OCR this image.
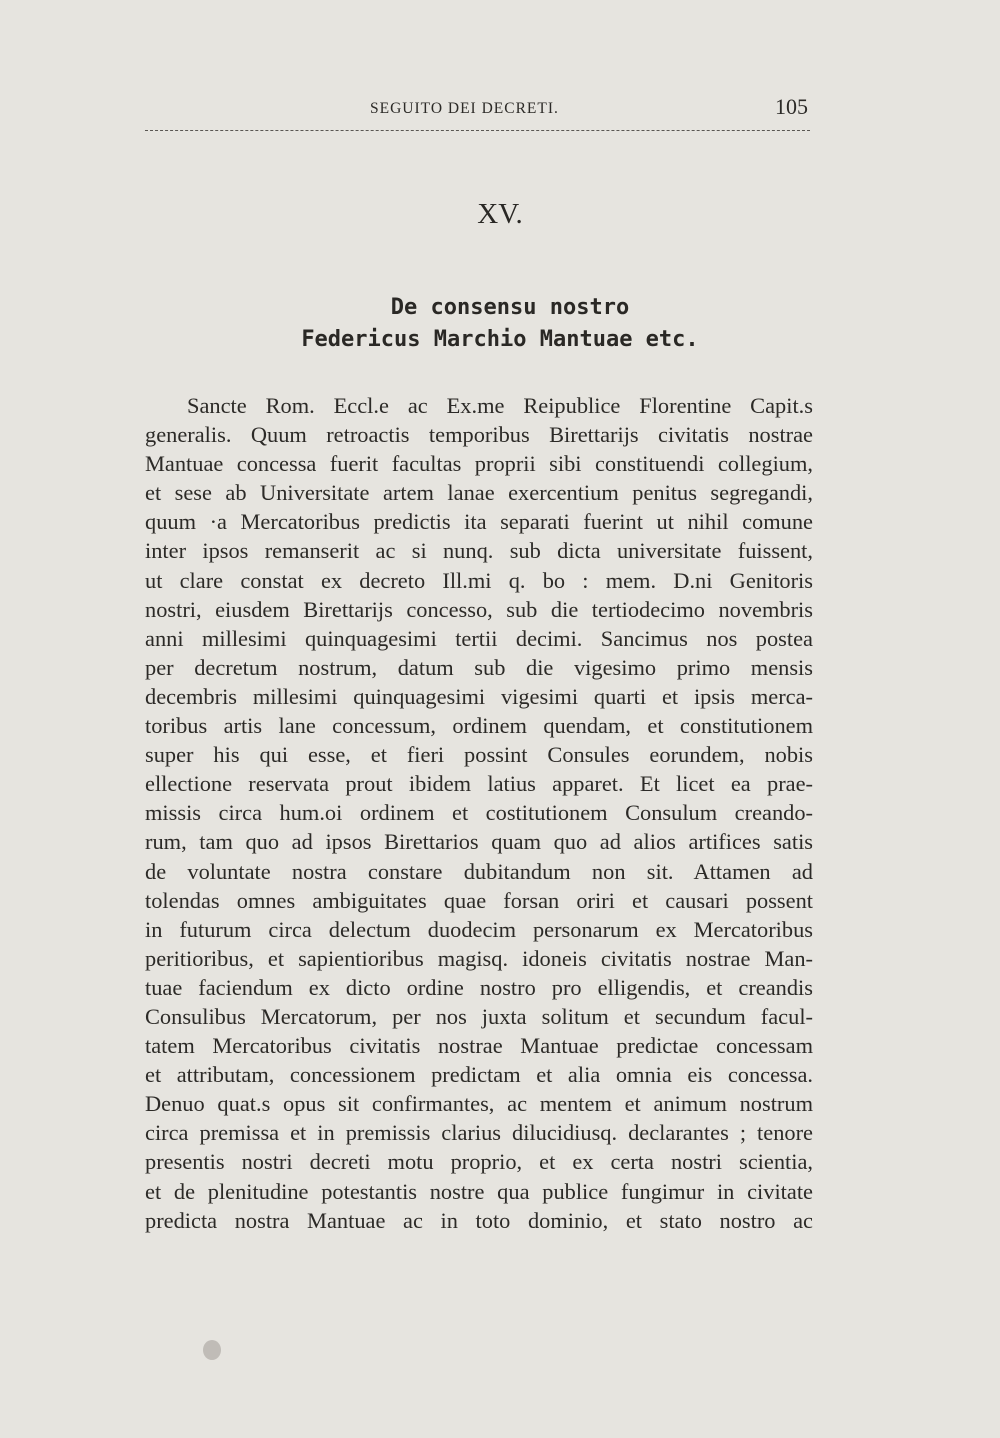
SEGUITO DEI DECRETI.	105
XV.
De consensu nostro
Federicus Marchio Mantuae etc.
Sancte Rom. Eccl.e ac Ex.me Reipublice Florentine Capit.s
generalis. Quum retroactis temporibus Birettarijs civitatis nostrae
Mantuae concessa fuerit facultas proprii sibi constituendi collegium,
et sese ab Universitate artem lanae exercentium penitus segregandi,
quum ·a Mercatoribus predictis ita separati fuerint ut nihil comune
inter ipsos remanserit ac si nunq. sub dicta universitate fuissent,
ut clare constat ex decreto Ill.mi q. bo : mem. D.ni Genitoris
nostri, eiusdem Birettarijs concesso, sub die tertiodecimo novembris
anni millesimi quinquagesimi tertii decimi. Sancimus nos postea
per decretum nostrum, datum sub die vigesimo primo mensis
decembris millesimi quinquagesimi vigesimi quarti et ipsis merca-
toribus artis lane concessum, ordinem quendam, et constitutionem
super his qui esse, et fieri possint Consules eorundem, nobis
ellectione reservata prout ibidem latius apparet. Et licet ea prae-
missis circa hum.oi ordinem et costitutionem Consulum creando-
rum, tam quo ad ipsos Birettarios quam quo ad alios artifices satis
de voluntate nostra constare dubitandum non sit. Attamen ad
tolendas omnes ambiguitates quae forsan oriri et causari possent
in futurum circa delectum duodecim personarum ex Mercatoribus
peritioribus, et sapientioribus magisq. idoneis civitatis nostrae Man-
tuae faciendum ex dicto ordine nostro pro elligendis, et creandis
Consulibus Mercatorum, per nos juxta solitum et secundum facul-
tatem Mercatoribus civitatis nostrae Mantuae predictae concessam
et attributam, concessionem predictam et alia omnia eis concessa.
Denuo quat.s opus sit confirmantes, ac mentem et animum nostrum
circa premissa et in premissis clarius dilucidiusq. declarantes ; tenore
presentis nostri decreti motu proprio, et ex certa nostri scientia,
et de plenitudine potestantis nostre qua publice fungimur in civitate
predicta nostra Mantuae ac in toto dominio, et stato nostro ac
